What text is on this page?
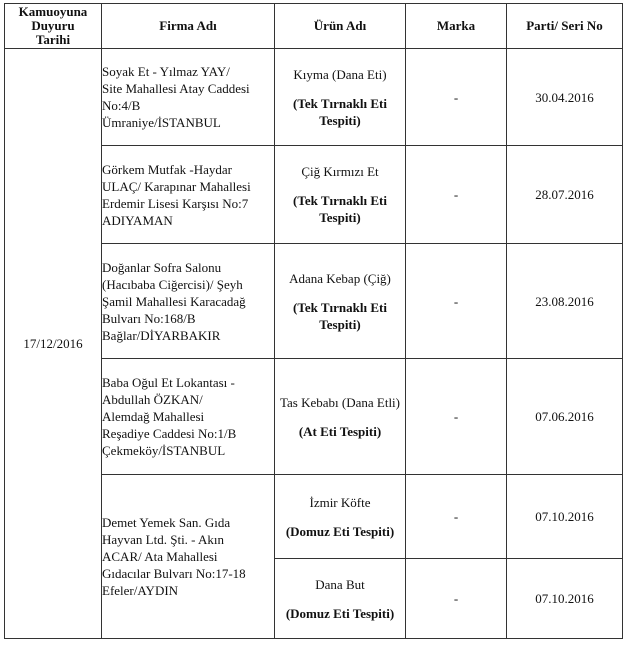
Kamuoyuna
Duyuru
Tarihi	Firma Adı	Ürün Adı	Marka	Parti/ Seri No
17/12/2016	Soyak Et - Yılmaz YAY/
Site Mahallesi Atay Caddesi
No:4/B
Ümraniye/İSTANBUL	Kıyma (Dana Eti)
(Tek Tırnaklı Eti Tespiti)	-	30.04.2016

	Görkem Mutfak -Haydar
ULAÇ/ Karapınar Mahallesi
Erdemir Lisesi Karşısı No:7
ADIYAMAN	Çiğ Kırmızı Et
(Tek Tırnaklı Eti Tespiti)	-	28.07.2016

	Doğanlar Sofra Salonu
(Hacıbaba Ciğercisi)/ Şeyh
Şamil Mahallesi Karacadağ
Bulvarı No:168/B
Bağlar/DİYARBAKIR	Adana Kebap (Çiğ)
(Tek Tırnaklı Eti Tespiti)	-	23.08.2016

	Baba Oğul Et Lokantası -
Abdullah ÖZKAN/
Alemdağ Mahallesi
Reşadiye Caddesi No:1/B
Çekmeköy/İSTANBUL	Tas Kebabı (Dana Etli)
(At Eti Tespiti)	-	07.06.2016

	Demet Yemek San. Gıda
Hayvan Ltd. Şti. - Akın
ACAR/ Ata Mahallesi
Gıdacılar Bulvarı No:17-18
Efeler/AYDIN	İzmir Köfte
(Domuz Eti Tespiti)	-	07.10.2016

		Dana But
(Domuz Eti Tespiti)	-	07.10.2016
